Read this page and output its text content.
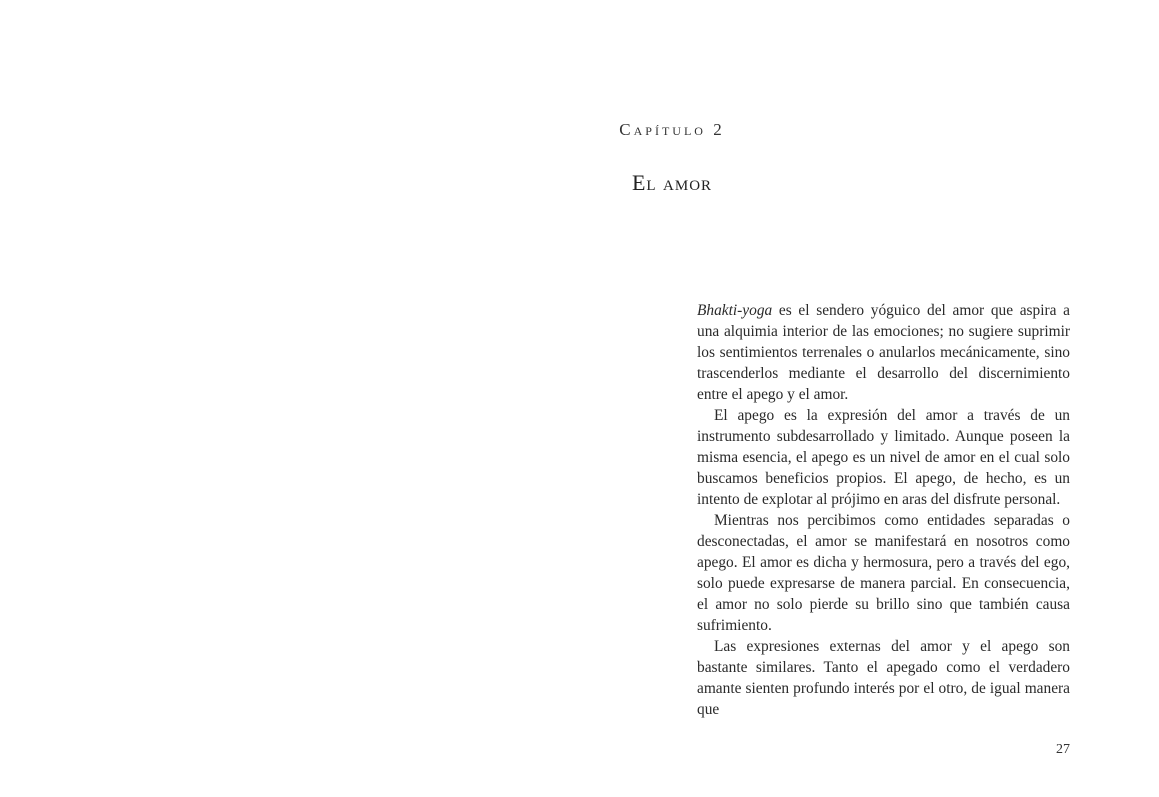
Capítulo 2
El amor

Bhakti-yoga es el sendero yóguico del amor que aspira a una alquimia interior de las emociones; no sugiere suprimir los sentimientos terrenales o anularlos mecánicamente, sino trascenderlos mediante el desarrollo del discernimiento entre el apego y el amor.

El apego es la expresión del amor a través de un instrumento subdesarrollado y limitado. Aunque poseen la misma esencia, el apego es un nivel de amor en el cual solo buscamos beneficios propios. El apego, de hecho, es un intento de explotar al prójimo en aras del disfrute personal.

Mientras nos percibimos como entidades separadas o desconectadas, el amor se manifestará en nosotros como apego. El amor es dicha y hermosura, pero a través del ego, solo puede expresarse de manera parcial. En consecuencia, el amor no solo pierde su brillo sino que también causa sufrimiento.

Las expresiones externas del amor y el apego son bastante similares. Tanto el apegado como el verdadero amante sienten profundo interés por el otro, de igual manera que

27
